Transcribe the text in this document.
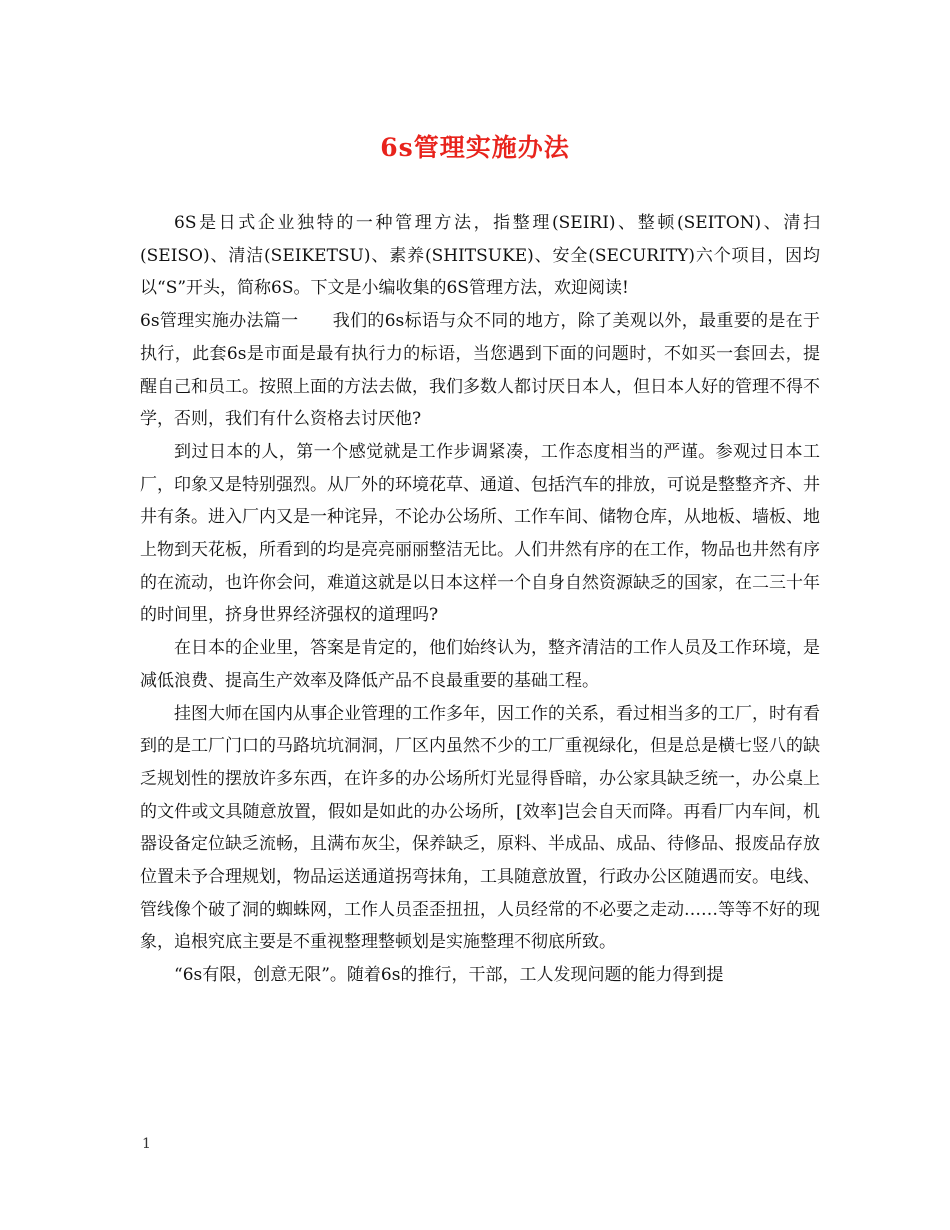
6s管理实施办法

6S是日式企业独特的一种管理方法，指整理(SEIRI)、整顿(SEITON)、清扫(SEISO)、清洁(SEIKETSU)、素养(SHITSUKE)、安全(SECURITY)六个项目，因均以“S”开头，简称6S。下文是小编收集的6S管理方法，欢迎阅读!

6s管理实施办法篇一 我们的6s标语与众不同的地方，除了美观以外，最重要的是在于执行，此套6s是市面是最有执行力的标语，当您遇到下面的问题时，不如买一套回去，提醒自己和员工。按照上面的方法去做，我们多数人都讨厌日本人，但日本人好的管理不得不学，否则，我们有什么资格去讨厌他?

到过日本的人，第一个感觉就是工作步调紧凑，工作态度相当的严谨。参观过日本工厂，印象又是特别强烈。从厂外的环境花草、通道、包括汽车的排放，可说是整整齐齐、井井有条。进入厂内又是一种诧异，不论办公场所、工作车间、储物仓库，从地板、墙板、地上物到天花板，所看到的均是亮亮丽丽整洁无比。人们井然有序的在工作，物品也井然有序的在流动，也许你会问，难道这就是以日本这样一个自身自然资源缺乏的国家，在二三十年的时间里，挤身世界经济强权的道理吗?

在日本的企业里，答案是肯定的，他们始终认为，整齐清洁的工作人员及工作环境，是减低浪费、提高生产效率及降低产品不良最重要的基础工程。

挂图大师在国内从事企业管理的工作多年，因工作的关系，看过相当多的工厂，时有看到的是工厂门口的马路坑坑洞洞，厂区内虽然不少的工厂重视绿化，但是总是横七竖八的缺乏规划性的摆放许多东西，在许多的办公场所灯光显得昏暗，办公家具缺乏统一，办公桌上的文件或文具随意放置，假如是如此的办公场所，[效率]岂会自天而降。再看厂内车间，机器设备定位缺乏流畅，且满布灰尘，保养缺乏，原料、半成品、成品、待修品、报废品存放位置未予合理规划，物品运送通道拐弯抹角，工具随意放置，行政办公区随遇而安。电线、管线像个破了洞的蜘蛛网，工作人员歪歪扭扭，人员经常的不必要之走动……等等不好的现象，追根究底主要是不重视整理整顿划是实施整理不彻底所致。

“6s有限，创意无限”。随着6s的推行，干部，工人发现问题的能力得到提

1
